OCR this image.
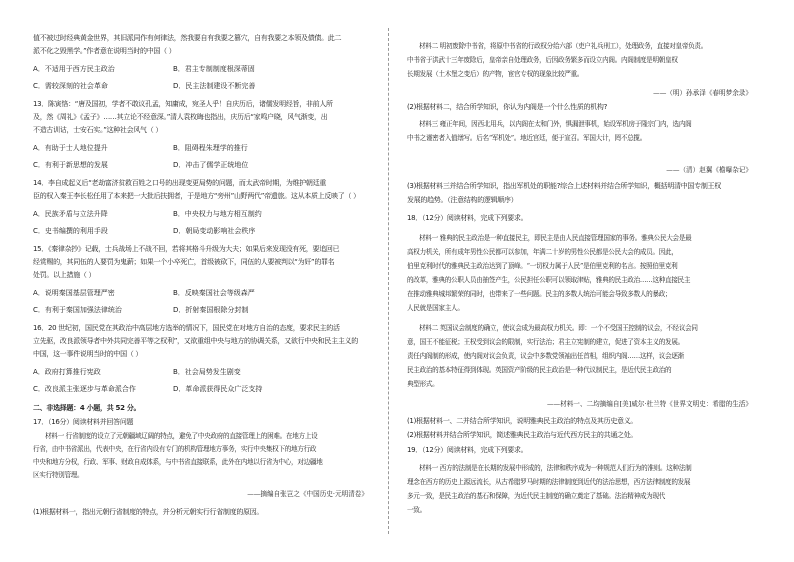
值不被过时经典黄金世界，其旧派同作有何律法，然我要自有我要之篡穴，自有我要之本领及债债。此二
派不化之毁黑学。”作者意在说明当时的中国（ ）
A．不适用于西方民主政治	B．君主专制制度根深蒂固
C．需较深刻的社会革命	D．民主法制建设不断完善
13．陈寅恪：“唐及国初，学者不敢议孔孟，知庸成，宛圣人乎！自庆历后，诸儒发明经旨，非前人所
及，然《周礼》《孟子》……其立论不经意深。”清人袁枚晦也指出，庆历后“家鸣户晓，风气渐变，出
不造古训诂，士安石实。”这种社会风气（ ）
A．有助于士人地位提升	B．阻碍程朱理学的推行
C．有利于新思想的发展	D．冲击了儒学正统地位
14．李自成起义后“老劫富济贫救百姓之口号的出现变更局势的问题，而太武帝时期，为维护朝廷重
臣的权入秦王李长松任用了本来把一大批后扶拥者，于是地方“旁州”山野两代”帝遗旅。这从本质上反映了（ ）
A．民族矛盾与立法升降	B．中央权力与地方相互制约
C．史书编撰的利用手段	D．朝局变动影响社会秩序
15．《秦律杂抄》记载，士兵战场上不战不回，若将其格斗升级为大夫；如果后来发现没有死，要追回已
经赏赐的，其同伍的人要罚为鬼薪；如果一个小卒死亡，首级被砍下，同伍的人要被判以“为奸”的罪名
处罚。以上措施（ ）
A．说明秦国基层管理严密	B．反映秦国社会等级森严
C．有利于秦国加强法律统治	D．折射秦国根除分封制
16．20 世纪初，国民党在其政治中高层地方选举的情况下，国民党在对地方自治的态度，要求民主的活
立先驱，改良派领导者中外共同完善平等之权利”，又欲重组中央与地方的协调关系，又欲行中央和民主主义的
中国，这一事件说明当时的中国（ ）
A．政府打算推行宪政	B．社会局势发生剧变
C．改良派主张逐步与革命派合作	D．革命派获得民众广泛支持
二、非选择题：4 小题，共 52 分。
17．（16分）阅读材料并回答问题
材料一 行省制度的设立了元朝疆域辽阔的特点，避免了中央政府的直接管理上的困难。在地方上设
行省，由中书省派出，代表中央，在行省内设有专门的机构管理地方事务，实行中央集权下的地方行政
中央和地方分权，行政、军事、财政自成体系，与中书省直接联系，此外在内地以行省为中心，对边疆地
区实行特别管理。
——摘编自张岂之《中国历史·元明清卷》
(1)根据材料一，指出元朝行省制度的特点，并分析元朝实行行省制度的原因。
材料二 明初废除中书省，将原中书省的行政权分给六部（吏户礼兵刑工），处理政务，直接对皇帝负责。
中书省于洪武十三年废除后，皇帝亲自处理政务，后因政务繁多而设立内阁。内阁制度是明朝皇权
长期发展（土木堡之变后）的产物，宦官专权的现象比较严重。
——（明）孙承泽《春明梦余录》
(2)根据材料二，结合所学知识，你认为内阁是一个什么性质的机构?
材料三 雍正年间，因西北用兵，以内阁在太和门外，惧漏泄事机，始设军机房于隆宗门内，选内阁
中书之谨密者入值缮写。后名“军机处”。地近宫廷，便于宣召。军国大计，罔不总揽。
——（清）赵翼《檐曝杂记》
(3)根据材料三并结合所学知识，指出军机处的职能?综合上述材料并结合所学知识，概括明清中国专制王权
发展的趋势。（注意结构的逻辑顺序）
18．（12分）阅读材料，完成下列要求。
材料一 雅典的民主政治是一种直接民主，即民主是由人民直接管理国家的事务。雅典公民大会是最
高权力机关，所有成年男性公民都可以参加，年满二十岁的男性公民都是公民大会的成员。因此，
伯里克利时代的雅典民主政治达到了顶峰。“一切权力属于人民”是伯里克利的名言。按照伯里克利
的改革，雅典的公职人员由抽签产生，公民担任公职可以领取津贴，雅典的民主政治……这种直接民主
在推动雅典城邦繁荣的同时，也带来了一些问题。民主的多数人统治可能会导致多数人的暴政；
人民就是国家主人。
材料二 英国议会制度的确立，使议会成为最高权力机关。即：一个不受国王控制的议会，不经议会同
意，国王不能征税；王权受到议会的限制，实行法治；君主立宪制的建立，促进了资本主义的发展。
责任内阁制的形成，使内阁对议会负责，议会中多数党领袖出任首相，组织内阁……这样，议会逐渐
民主政治的基本特征得到体现。英国资产阶级的民主政治是一种代议制民主，是近代民主政治的
典型形式。
——材料一、二均摘编自[美]威尔·杜兰特《世界文明史：希腊的生活》
(1)根据材料一、二并结合所学知识，说明雅典民主政治的特点及其历史意义。
(2)根据材料并结合所学知识，简述雅典民主政治与近代西方民主的共通之处。
19．（12分）阅读材料，完成下列要求。
材料一 西方的法制是在长期的发展中形成的，法律和秩序成为一种规范人们行为的准则。这种法制
理念在西方的历史上源远流长，从古希腊罗马时期的法律制度到近代的法治思想，西方法律制度的发展
多元一致，是民主政治的基石和保障，为近代民主制度的确立奠定了基础。法治精神成为现代
一致。
